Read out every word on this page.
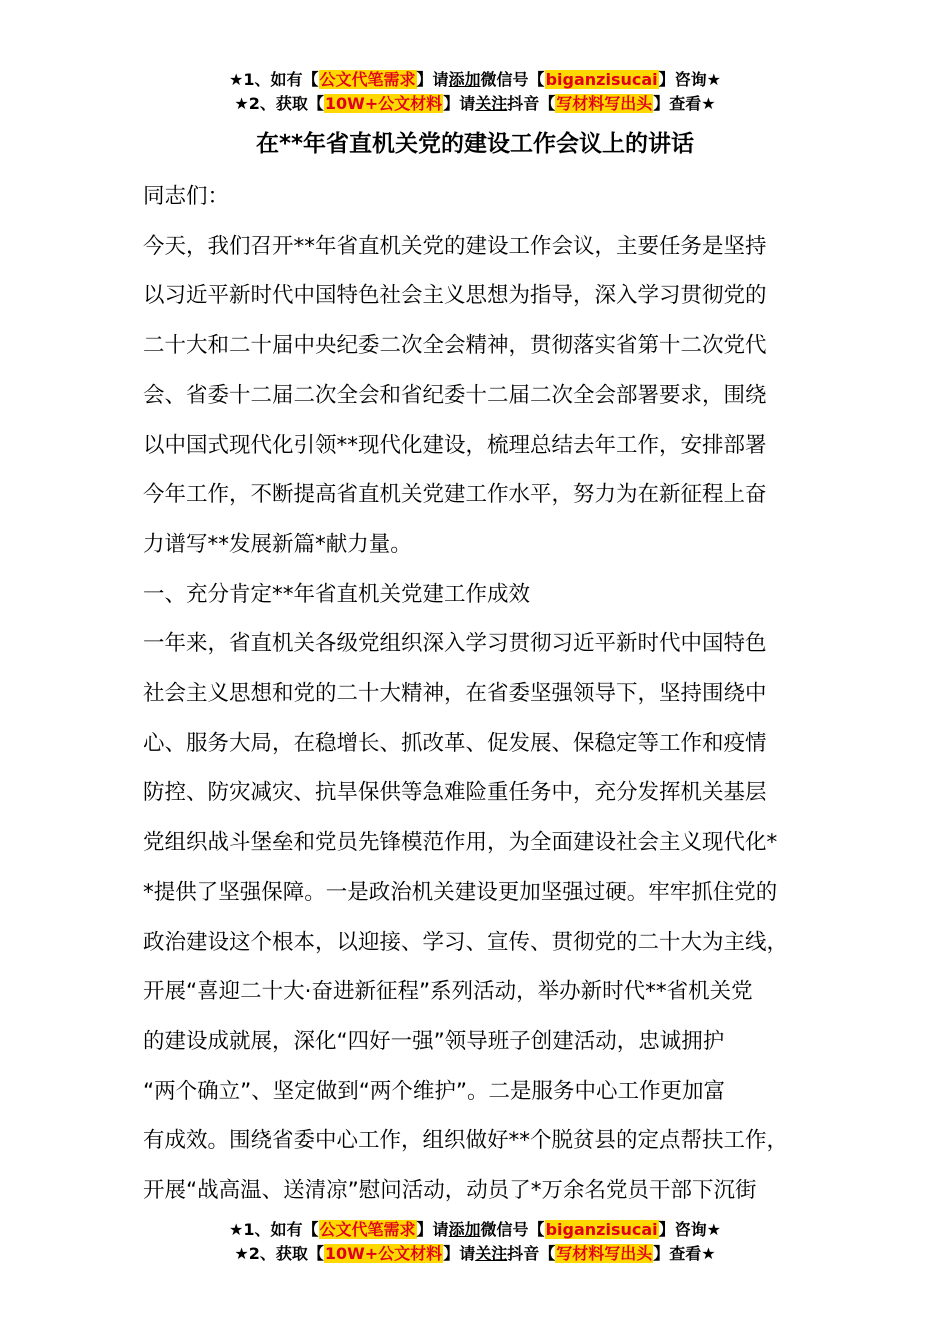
★1、如有【公文代笔需求】请添加微信号【biganzisucai】咨询★
★2、获取【10W+公文材料】请关注抖音【写材料写出头】查看★
在**年省直机关党的建设工作会议上的讲话
同志们：
今天，我们召开**年省直机关党的建设工作会议，主要任务是坚持
以习近平新时代中国特色社会主义思想为指导，深入学习贯彻党的
二十大和二十届中央纪委二次全会精神，贯彻落实省第十二次党代
会、省委十二届二次全会和省纪委十二届二次全会部署要求，围绕
以中国式现代化引领**现代化建设，梳理总结去年工作，安排部署
今年工作，不断提高省直机关党建工作水平，努力为在新征程上奋
力谱写**发展新篇*献力量。
一、充分肯定**年省直机关党建工作成效
一年来，省直机关各级党组织深入学习贯彻习近平新时代中国特色
社会主义思想和党的二十大精神，在省委坚强领导下，坚持围绕中
心、服务大局，在稳增长、抓改革、促发展、保稳定等工作和疫情
防控、防灾减灾、抗旱保供等急难险重任务中，充分发挥机关基层
党组织战斗堡垒和党员先锋模范作用，为全面建设社会主义现代化*
*提供了坚强保障。一是政治机关建设更加坚强过硬。牢牢抓住党的
政治建设这个根本，以迎接、学习、宣传、贯彻党的二十大为主线，
开展“喜迎二十大·奋进新征程”系列活动，举办新时代**省机关党
的建设成就展，深化“四好一强”领导班子创建活动，忠诚拥护
“两个确立”、坚定做到“两个维护”。二是服务中心工作更加富
有成效。围绕省委中心工作，组织做好**个脱贫县的定点帮扶工作，
开展“战高温、送清凉”慰问活动，动员了*万余名党员干部下沉街
★1、如有【公文代笔需求】请添加微信号【biganzisucai】咨询★
★2、获取【10W+公文材料】请关注抖音【写材料写出头】查看★
